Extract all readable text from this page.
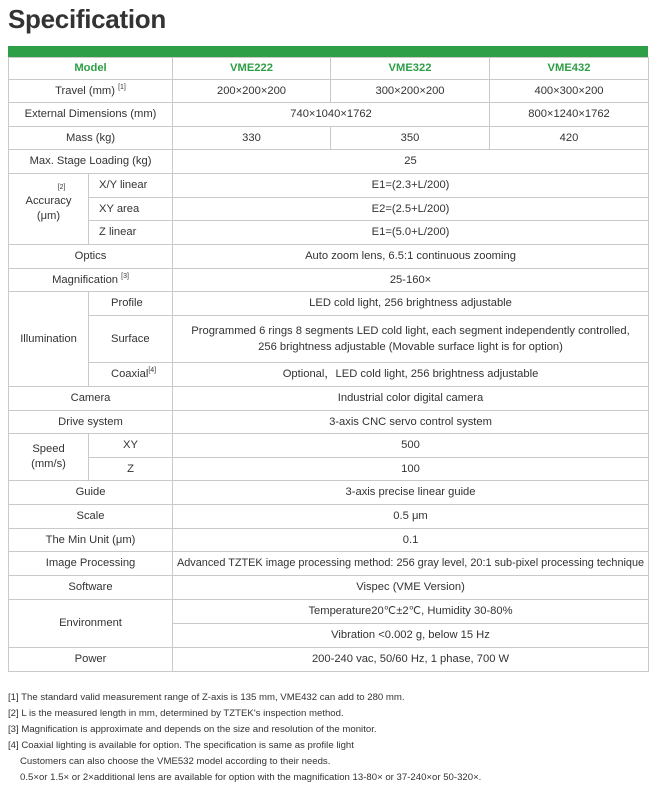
Specification
Model		VME222	VME322	VME432
Travel (mm) [1]		200×200×200	300×200×200	400×300×200
External Dimensions (mm)		740×1040×1762		800×1240×1762
Mass (kg)		330	350	420
Max. Stage Loading (kg)		25		

[2]
Accuracy
(μm)	X/Y linear	E1=(2.3+L/200)		
	XY area	E2=(2.5+L/200)		
	Z linear	E1=(5.0+L/200)		
Optics		Auto zoom lens, 6.5:1 continuous zooming		
Magnification [3]		25-160×		
Illumination	Profile	LED cold light, 256 brightness adjustable		
	Surface	Programmed 6 rings 8 segments LED cold light, each segment independently controlled,
256 brightness adjustable (Movable surface light is for option)		
	Coaxial[4]	Optional，LED cold light, 256 brightness adjustable		
Camera		Industrial color digital camera		
Drive system		3-axis CNC servo control system		
Speed
(mm/s)	XY	500		
	Z	100		
Guide		3-axis precise linear guide		
Scale		0.5 μm		
The Min Unit (μm)		0.1		
Image Processing		Advanced TZTEK image processing method: 256 gray level, 20:1 sub-pixel processing technique		
Software		Vispec (VME Version)		
Environment		Temperature20℃±2℃, Humidity 30-80%		
		Vibration <0.002 g, below 15 Hz		
Power		200-240 vac, 50/60 Hz, 1 phase, 700 W		
[1] The standard valid measurement range of Z-axis is 135 mm, VME432 can add to 280 mm.
[2] L is the measured length in mm, determined by TZTEK's inspection method.
[3] Magnification is approximate and depends on the size and resolution of the monitor.
[4] Coaxial lighting is available for option. The specification is same as profile light
Customers can also choose the VME532 model according to their needs.
0.5×or 1.5× or 2×additional lens are available for option with the magnification 13-80× or 37-240×or 50-320×.
